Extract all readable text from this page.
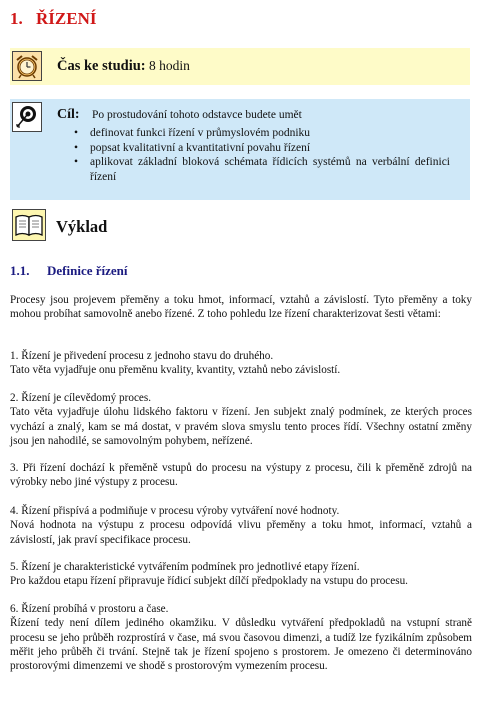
1. ŘÍZENÍ
Čas ke studiu: 8 hodin
Cíl: Po prostudování tohoto odstavce budete umět
• definovat funkci řízení v průmyslovém podniku
• popsat kvalitativní a kvantitativní povahu řízení
• aplikovat základní bloková schémata řídicích systémů na verbální definici řízení
Výklad
1.1. Definice řízení

Procesy jsou projevem přeměny a toku hmot, informací, vztahů a závislostí. Tyto přeměny a toky mohou probíhat samovolně anebo řízené. Z toho pohledu lze řízení charakterizovat šesti větami:

1. Řízení je přivedení procesu z jednoho stavu do druhého.

Tato věta vyjadřuje onu přeměnu kvality, kvantity, vztahů nebo závislostí.

2. Řízení je cílevědomý proces.

Tato věta vyjadřuje úlohu lidského faktoru v řízení. Jen subjekt znalý podmínek, ze kterých proces vychází a znalý, kam se má dostat, v pravém slova smyslu tento proces řídí. Všechny ostatní změny jsou jen nahodilé, se samovolným pohybem, neřízené.

3. Při řízení dochází k přeměně vstupů do procesu na výstupy z procesu, čili k přeměně zdrojů na výrobky nebo jiné výstupy z procesu.

4. Řízení přispívá a podmiňuje v procesu výroby vytváření nové hodnoty.

Nová hodnota na výstupu z procesu odpovídá vlivu přeměny a toku hmot, informací, vztahů a závislostí, jak praví specifikace procesu.

5. Řízení je charakteristické vytvářením podmínek pro jednotlivé etapy řízení.

Pro každou etapu řízení připravuje řídicí subjekt dílčí předpoklady na vstupu do procesu.

6. Řízení probíhá v prostoru a čase.

Řízení tedy není dílem jediného okamžiku. V důsledku vytváření předpokladů na vstupní straně procesu se jeho průběh rozprostírá v čase, má svou časovou dimenzi, a tudíž lze fyzikálním způsobem měřit jeho průběh či trvání. Stejně tak je řízení spojeno s prostorem. Je omezeno či determinováno prostorovými dimenzemi ve shodě s prostorovým vymezením procesu.
